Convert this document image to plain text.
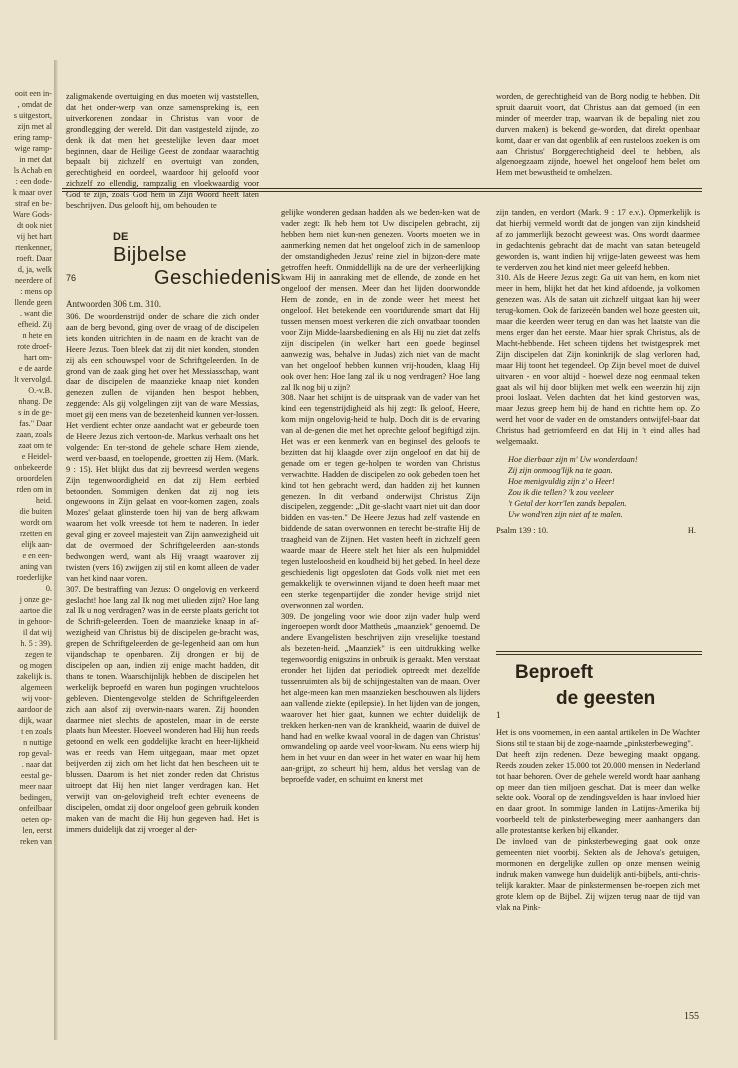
ooit een in-
, omdat de
s uitgestort,
zijn met al
ering ramp-
wige ramp-
in met dat
ls Achab en
: een dode-
k maar over
straf en be-
Ware Gods-
dt ook niet
vij het hart
rtenkenner,
roeft. Daar
d, ja, welk
neerdere of
: mens op
llende geen
. want die
efheid. Zij
n hete en
rote droef-
hart om-
e de aarde
lt vervolgd.
O.-v.B.
nhang. De
s in de ge-
fas." Daar
zaan, zoals
zaat om te
e Heidel-
onbekeerde
oroordelen
rden om in
heid.
die buiten
wordt om
rzetten en
elijk aan-
e en een-
aning van
roederlijke
0.
j onze ge-
aartoe die
in gehoor-
il dat wij
h. 5 : 39).
zegen te
og mogen
zakelijk is.
algemeen
wij voor-
aardoor de
dijk, waar
t en zoals
n nuttige
rop geval-
. naar dat
eestal ge-
meer naar
bedingen,
onfeilbaar
oeten op-
len, eerst
reken van
zaligmakende overtuiging en dus moeten wij vaststellen, dat het onder-werp van onze samenspreking is, een uitverkorenen zondaar in Christus van voor de grondlegging der wereld. Dit dan vastgesteld zijnde, zo denk ik dat men het geestelijke leven daar moet beginnen, daar de Heilige Geest de zondaar waarachtig bepaalt bij zichzelf en overtuigt van zonden, gerechtigheid en oordeel, waardoor hij geloofd voor zichzelf zo ellendig, rampzalig en vloekwaardig voor God te zijn, zoals God hem in Zijn Woord heeft laten beschrijven. Dus gelooft hij, om behouden te
worden, de gerechtigheid van de Borg nodig te hebben. Dit spruit daaruit voort, dat Christus aan dat gemoed (in een minder of meerder trap, waarvan ik de bepaling niet zou durven maken) is bekend ge-worden, dat direkt openbaar komt, daar er van dat ogenblik af een rusteloos zoeken is om aan Christus' Borggerechtigheid deel te hebben, als algenoegzaam zijnde, hoewel het ongeloof hem belet om Hem met bewustheid te omhelzen.
DE
Bijbelse
Geschiedenis
76
Antwoorden 306 t.m. 310.

306. De woordenstrijd onder de schare die zich onder aan de berg bevond, ging over de vraag of de discipelen iets konden uitrichten in de naam en de kracht van de Heere Jezus. Toen bleek dat zij dit niet konden, stonden zij als een schouwspel voor de Schriftgeleerden. In de grond van de zaak ging het over het Messiasschap, want daar de discipelen de maanzieke knaap niet konden genezen zullen de vijanden hen bespot hebben, zeggende: Als gij volgelingen zijt van de ware Messias, moet gij een mens van de bezetenheid kunnen ver-lossen. Het verdient echter onze aandacht wat er gebeurde toen de Heere Jezus zich vertoon-de. Markus verhaalt ons het volgende: En ter-stond de gehele schare Hem ziende, werd ver-baasd, en toelopende, groetten zij Hem. (Mark. 9 : 15). Het blijkt dus dat zij bevreesd werden wegens Zijn tegenwoordigheid en dat zij Hem eerbied betoonden. Sommigen denken dat zij nog iets ongewoons in Zijn gelaat en voor-komen zagen, zoals Mozes' gelaat glinsterde toen hij van de berg afkwam waarom het volk vreesde tot hem te naderen. In ieder geval ging er zoveel majesteit van Zijn aanwezigheid uit dat de overmoed der Schriftgeleerden aan-stonds bedwongen werd, want als Hij vraagt waarover zij twisten (vers 16) zwijgen zij stil en komt alleen de vader van het kind naar voren.

307. De bestraffing van Jezus: O ongelovig en verkeerd geslacht! hoe lang zal Ik nog met ulieden zijn? Hoe lang zal Ik u nog verdragen? was in de eerste plaats gericht tot de Schrift-geleerden. Toen de maanzieke knaap in af-wezigheid van Christus bij de discipelen ge-bracht was, grepen de Schriftgeleerden de ge-legenheid aan om hun vijandschap te openbaren. Zij drongen er bij de discipelen op aan, indien zij enige macht hadden, dit thans te tonen. Waarschijnlijk hebben de discipelen het werkelijk beproefd en waren hun pogingen vruchteloos gebleven. Dientengevolge stelden de Schriftgeleerden zich aan alsof zij overwin-naars waren. Zij hoonden daarmee niet slechts de apostelen, maar in de eerste plaats hun Meester. Hoeveel wonderen had Hij hun reeds getoond en welk een goddelijke kracht en heer-lijkheid was er reeds van Hem uitgegaan, maar met opzet beijverden zij zich om het licht dat hen bescheen uit te blussen. Daarom is het niet zonder reden dat Christus uitroept dat Hij hen niet langer verdragen kan. Het verwijt van on-gelovigheid treft echter eveneens de discipelen, omdat zij door ongeloof geen gebruik konden maken van de macht die Hij hun gegeven had. Het is immers duidelijk dat zij vroeger al der-

gelijke wonderen gedaan hadden als we beden-ken wat de vader zegt: Ik heb hem tot Uw discipelen gebracht, zij hebben hem niet kun-nen genezen. Voorts moeten we in aanmerking nemen dat het ongeloof zich in de samenloop der omstandigheden Jezus' reine ziel in bijzon-dere mate getroffen heeft. Onmiddellijk na de ure der verheerlijking kwam Hij in aanraking met de ellende, de zonde en het ongeloof der mensen. Meer dan het lijden doorwondde Hem de zonde, en in de zonde weer het meest het ongeloof. Het betekende een voortdurende smart dat Hij tussen mensen moest verkeren die zich onvatbaar toonden voor Zijn Midde-laarsbediening en als Hij nu ziet dat zelfs zijn discipelen (in welker hart een goede beginsel aanwezig was, behalve in Judas) zich niet van de macht van het ongeloof hebben kunnen vrij-houden, klaag Hij ook over hen: Hoe lang zal ik u nog verdragen? Hoe lang zal Ik nog bij u zijn?

308. Naar het schijnt is de uitspraak van de vader van het kind een tegenstrijdigheid als hij zegt: Ik geloof, Heere, kom mijn ongelovig-heid te hulp. Doch dit is de ervaring van al de-genen die met het oprechte geloof begiftigd zijn. Het was er een kenmerk van en beginsel des geloofs te bezitten dat hij klaagde over zijn ongeloof en dat hij de genade om er tegen ge-holpen te worden van Christus verwachtte. Hadden de discipelen zo ook gebeden toen het kind tot hen gebracht werd, dan hadden zij het kunnen genezen. In dit verband onderwijst Christus Zijn discipelen, zeggende: „Dit ge-slacht vaart niet uit dan door bidden en vas-ten." De Heere Jezus had zelf vastende en biddende de satan overwonnen en terecht be-strafte Hij de traagheid van de Zijnen. Het vasten heeft in zichzelf geen waarde maar de Heere stelt het hier als een hulpmiddel tegen lusteloosheid en koudheid bij het gebed. In heel deze geschiedenis ligt opgesloten dat Gods volk niet met een gemakkelijk te overwinnen vijand te doen heeft maar met een sterke tegenpartijder die zonder hevige strijd niet overwonnen zal worden.

309. De jongeling voor wie door zijn vader hulp werd ingeroepen wordt door Mattheüs „maanziek" genoemd. De andere Evangelisten beschrijven zijn vreselijke toestand als bezeten-heid. „Maanziek" is een uitdrukking welke tegenwoordig enigszins in onbruik is geraakt. Men verstaat eronder het lijden dat periodiek optreedt met dezelfde tussenruimten als bij de schijngestalten van de maan. Over het alge-meen kan men maanzieken beschouwen als lijders aan vallende ziekte (epilepsie). In het lijden van de jongen, waarover het hier gaat, kunnen we echter duidelijk de trekken herken-nen van de krankheid, waarin de duivel de hand had en welke kwaal vooral in de dagen van Christus' omwandeling op aarde veel voor-kwam. Nu eens wierp hij hem in het vuur en dan weer in het water en waar hij hem aan-grijpt, zo scheurt hij hem, aldus het verslag van de beproefde vader, en schuimt en knerst met

zijn tanden, en verdort (Mark. 9 : 17 e.v.). Opmerkelijk is dat hierbij vermeld wordt dat de jongen van zijn kindsheid af zo jammerlijk bezocht geweest was. Ons wordt daarmee in gedachtenis gebracht dat de macht van satan beteugeld geworden is, want indien hij vrijge-laten geweest was hem te verderven zou het kind niet meer geleefd hebben.

310. Als de Heere Jezus zegt: Ga uit van hem, en kom niet meer in hem, blijkt het dat het kind afdoende, ja volkomen genezen was. Als de satan uit zichzelf uitgaat kan hij weer terug-komen. Ook de farizeeën banden wel boze geesten uit, maar die keerden weer terug en dan was het laatste van die mens erger dan het eerste. Maar hier sprak Christus, als de Macht-hebbende. Het scheen tijdens het twistgesprek met Zijn discipelen dat Zijn koninkrijk de slag verloren had, maar Hij toont het tegendeel. Op Zijn bevel moet de duivel uitvaren - en voor altijd - hoewel deze nog eenmaal teken gaat als wil hij door blijken met welk een weerzin hij zijn prooi loslaat. Velen dachten dat het kind gestorven was, maar Jezus greep hem bij de hand en richtte hem op. Zo werd het voor de vader en de omstanders ontwijfel-baar dat Christus had getriomfeerd en dat Hij in 't eind alles had welgemaakt.

Hoe dierbaar zijn m' Uw wonderdaan!
Zij zijn onmoog'lijk na te gaan.
Hoe menigvuldig zijn z' o Heer!
Zou ik die tellen? 'k zou veeleer
't Getal der korr'len zands bepalen.
Uw wond'ren zijn niet af te malen.
Psalm 139 : 10.	H.
Beproeft
de geesten
1

Het is ons voornemen, in een aantal artikelen in De Wachter Sions stil te staan bij de zoge-naamde „pinksterbeweging".

Dat heeft zijn redenen. Deze beweging maakt opgang. Reeds zouden zeker 15.000 tot 20.000 mensen in Nederland tot haar behoren. Over de gehele wereld wordt haar aanhang op meer dan tien miljoen geschat. Dat is meer dan welke sekte ook. Vooral op de zendingsvelden is haar invloed hier en daar groot. In sommige landen in Latijns-Amerika bij voorbeeld telt de pinksterbeweging meer aanhangers dan alle protestantse kerken bij elkander.

De invloed van de pinksterbeweging gaat ook onze gemeenten niet voorbij. Sekten als de Jehova's getuigen, mormonen en dergelijke zullen op onze mensen weinig indruk maken vanwege hun duidelijk anti-bijbels, anti-chris-telijk karakter. Maar de pinkstermensen be-roepen zich met grote klem op de Bijbel. Zij wijzen terug naar de tijd van vlak na Pink-

155
